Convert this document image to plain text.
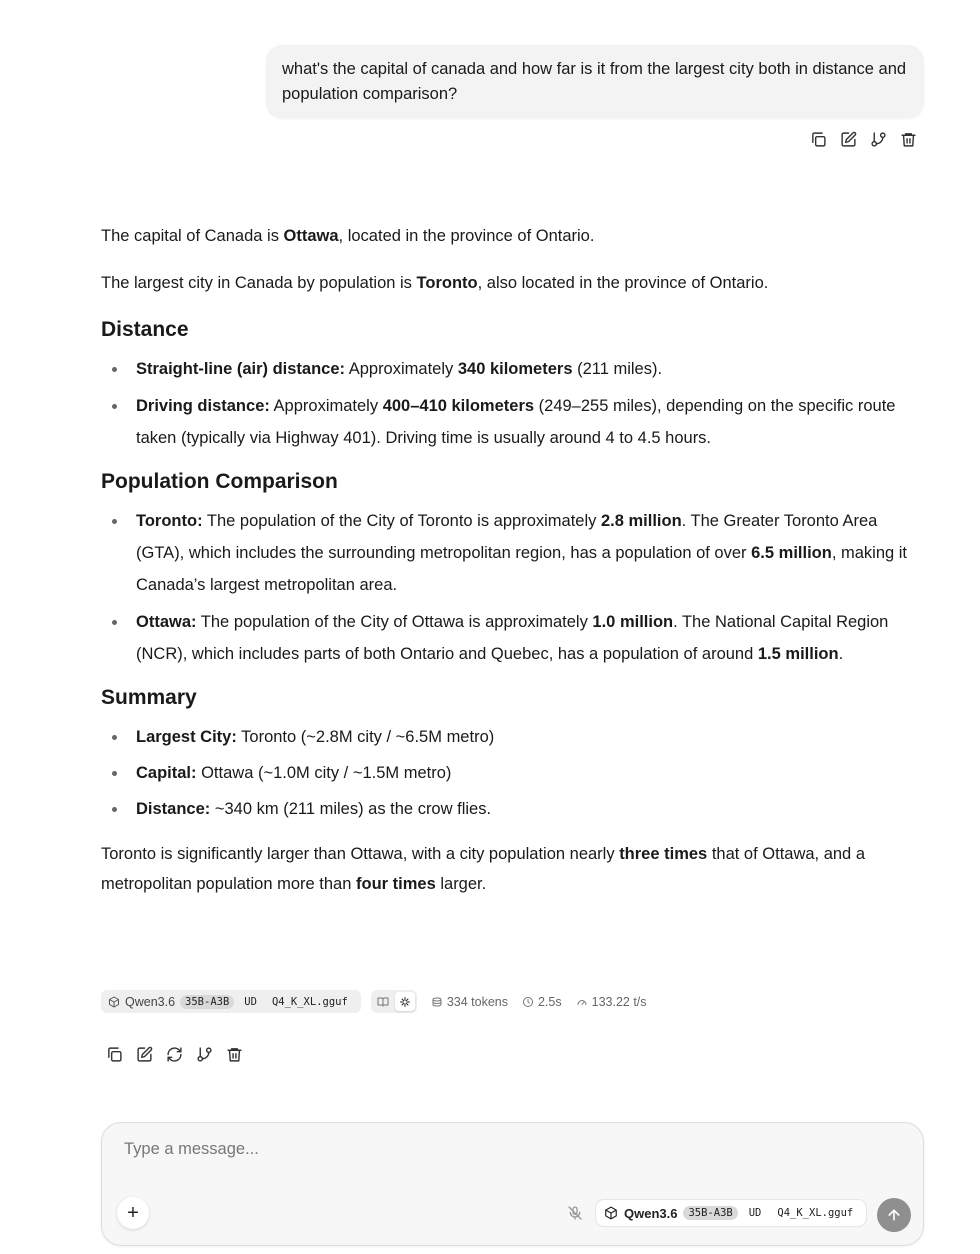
what's the capital of canada and how far is it from the largest city both in distance and population comparison?

The capital of Canada is Ottawa, located in the province of Ontario.

The largest city in Canada by population is Toronto, also located in the province of Ontario.

Distance
Straight-line (air) distance: Approximately 340 kilometers (211 miles).
Driving distance: Approximately 400–410 kilometers (249–255 miles), depending on the specific route taken (typically via Highway 401). Driving time is usually around 4 to 4.5 hours.
Population Comparison
Toronto: The population of the City of Toronto is approximately 2.8 million. The Greater Toronto Area (GTA), which includes the surrounding metropolitan region, has a population of over 6.5 million, making it Canada’s largest metropolitan area.
Ottawa: The population of the City of Ottawa is approximately 1.0 million. The National Capital Region (NCR), which includes parts of both Ontario and Quebec, has a population of around 1.5 million.
Summary
Largest City: Toronto (~2.8M city / ~6.5M metro)
Capital: Ottawa (~1.0M city / ~1.5M metro)
Distance: ~340 km (211 miles) as the crow flies.

Toronto is significantly larger than Ottawa, with a city population nearly three times that of Ottawa, and a metropolitan population more than four times larger.

Qwen3.6 35B-A3B	UD	Q4_K_XL.gguf	334 tokens 2.5s 133.22 t/s
Type a message...
+	Qwen3.6	35B-A3B	UD	Q4_K_XL.gguf
